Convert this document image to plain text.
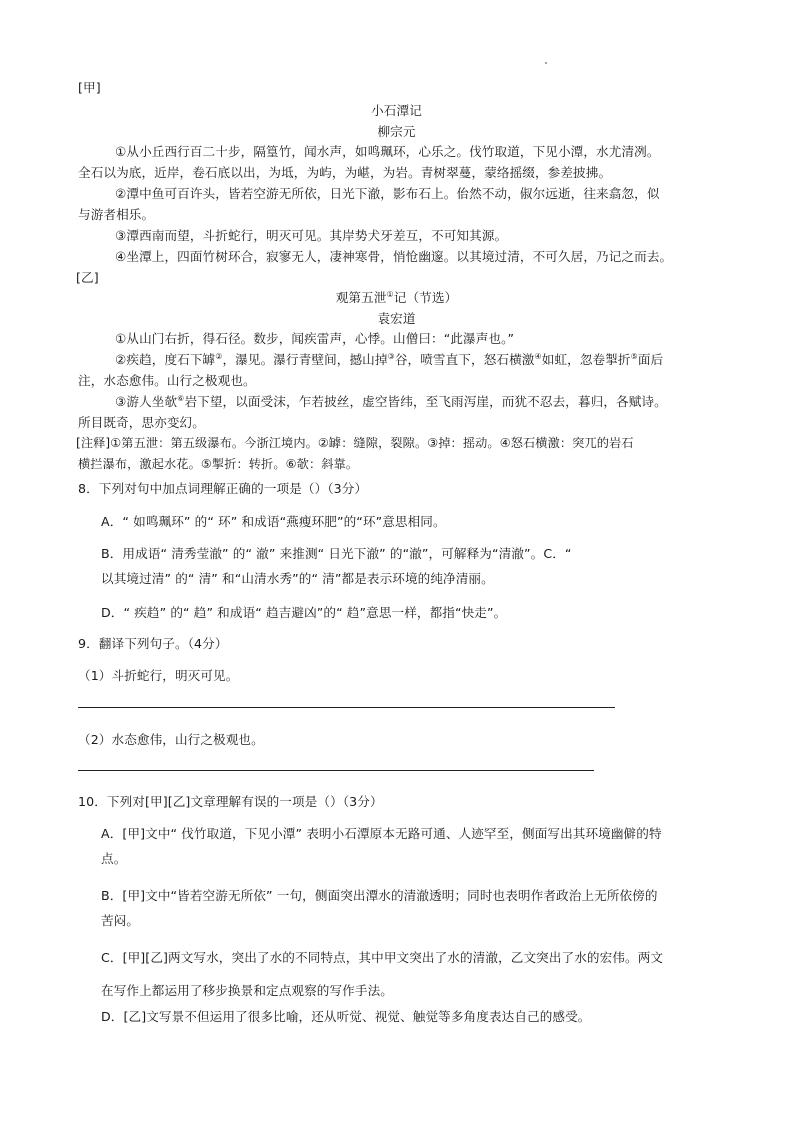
[甲]
小石潭记
柳宗元
①从小丘西行百二十步，隔篁竹，闻水声，如鸣珮环，心乐之。伐竹取道，下见小潭，水尤清冽。
全石以为底，近岸，卷石底以出，为坻，为屿，为嵁，为岩。青树翠蔓，蒙络摇缀，参差披拂。
②潭中鱼可百许头，皆若空游无所依，日光下澈，影布石上。佁然不动，俶尔远逝，往来翕忽，似
与游者相乐。
③潭西南而望，斗折蛇行，明灭可见。其岸势犬牙差互，不可知其源。
④坐潭上，四面竹树环合，寂寥无人，凄神寒骨，悄怆幽邃。以其境过清，不可久居，乃记之而去。
[乙]
观第五泄①记（节选）
袁宏道
①从山门右折，得石径。数步，闻疾雷声，心悸。山僧曰：“此瀑声也。”
②疾趋，度石下罅②，瀑见。瀑行青壁间，撼山掉③谷，喷雪直下，怒石横激④如虹，忽卷掣折⑤面后
注，水态愈伟。山行之极观也。
③游人坐欹⑥岩下望，以面受沫，乍若披丝，虚空皆纬，至飞雨泻崖，而犹不忍去，暮归，各赋诗。
所目既奇，思亦变幻。
[注释]①第五泄：第五级瀑布。今浙江境内。②罅：缝隙，裂隙。③掉：摇动。④怒石横激：突兀的岩石
横拦瀑布，激起水花。⑤掣折：转折。⑥欹：斜靠。
8．下列对句中加点词理解正确的一项是（）（3分）
A．“ 如鸣珮环” 的“ 环” 和成语“燕瘦环肥”的“环”意思相同。
B．用成语“ 清秀莹澈” 的“ 澈” 来推测“ 日光下澈” 的“澈”，可解释为“清澈”。C．“
以其境过清” 的“ 清” 和“山清水秀”的“ 清”都是表示环境的纯净清丽。
D．“ 疾趋” 的“ 趋” 和成语“ 趋吉避凶”的“ 趋”意思一样，都指“快走”。
9．翻译下列句子。（4分）
（1）斗折蛇行，明灭可见。
（2）水态愈伟，山行之极观也。
10．下列对[甲][乙]文章理解有误的一项是（）（3分）
A．[甲]文中“ 伐竹取道，下见小潭” 表明小石潭原本无路可通、人迹罕至，侧面写出其环境幽僻的特
点。
B．[甲]文中“皆若空游无所依” 一句，侧面突出潭水的清澈透明；同时也表明作者政治上无所依傍的
苦闷。
C．[甲][乙]两文写水，突出了水的不同特点，其中甲文突出了水的清澈，乙文突出了水的宏伟。两文
在写作上都运用了移步换景和定点观察的写作手法。
D．[乙]文写景不但运用了很多比喻，还从听觉、视觉、触觉等多角度表达自己的感受。
